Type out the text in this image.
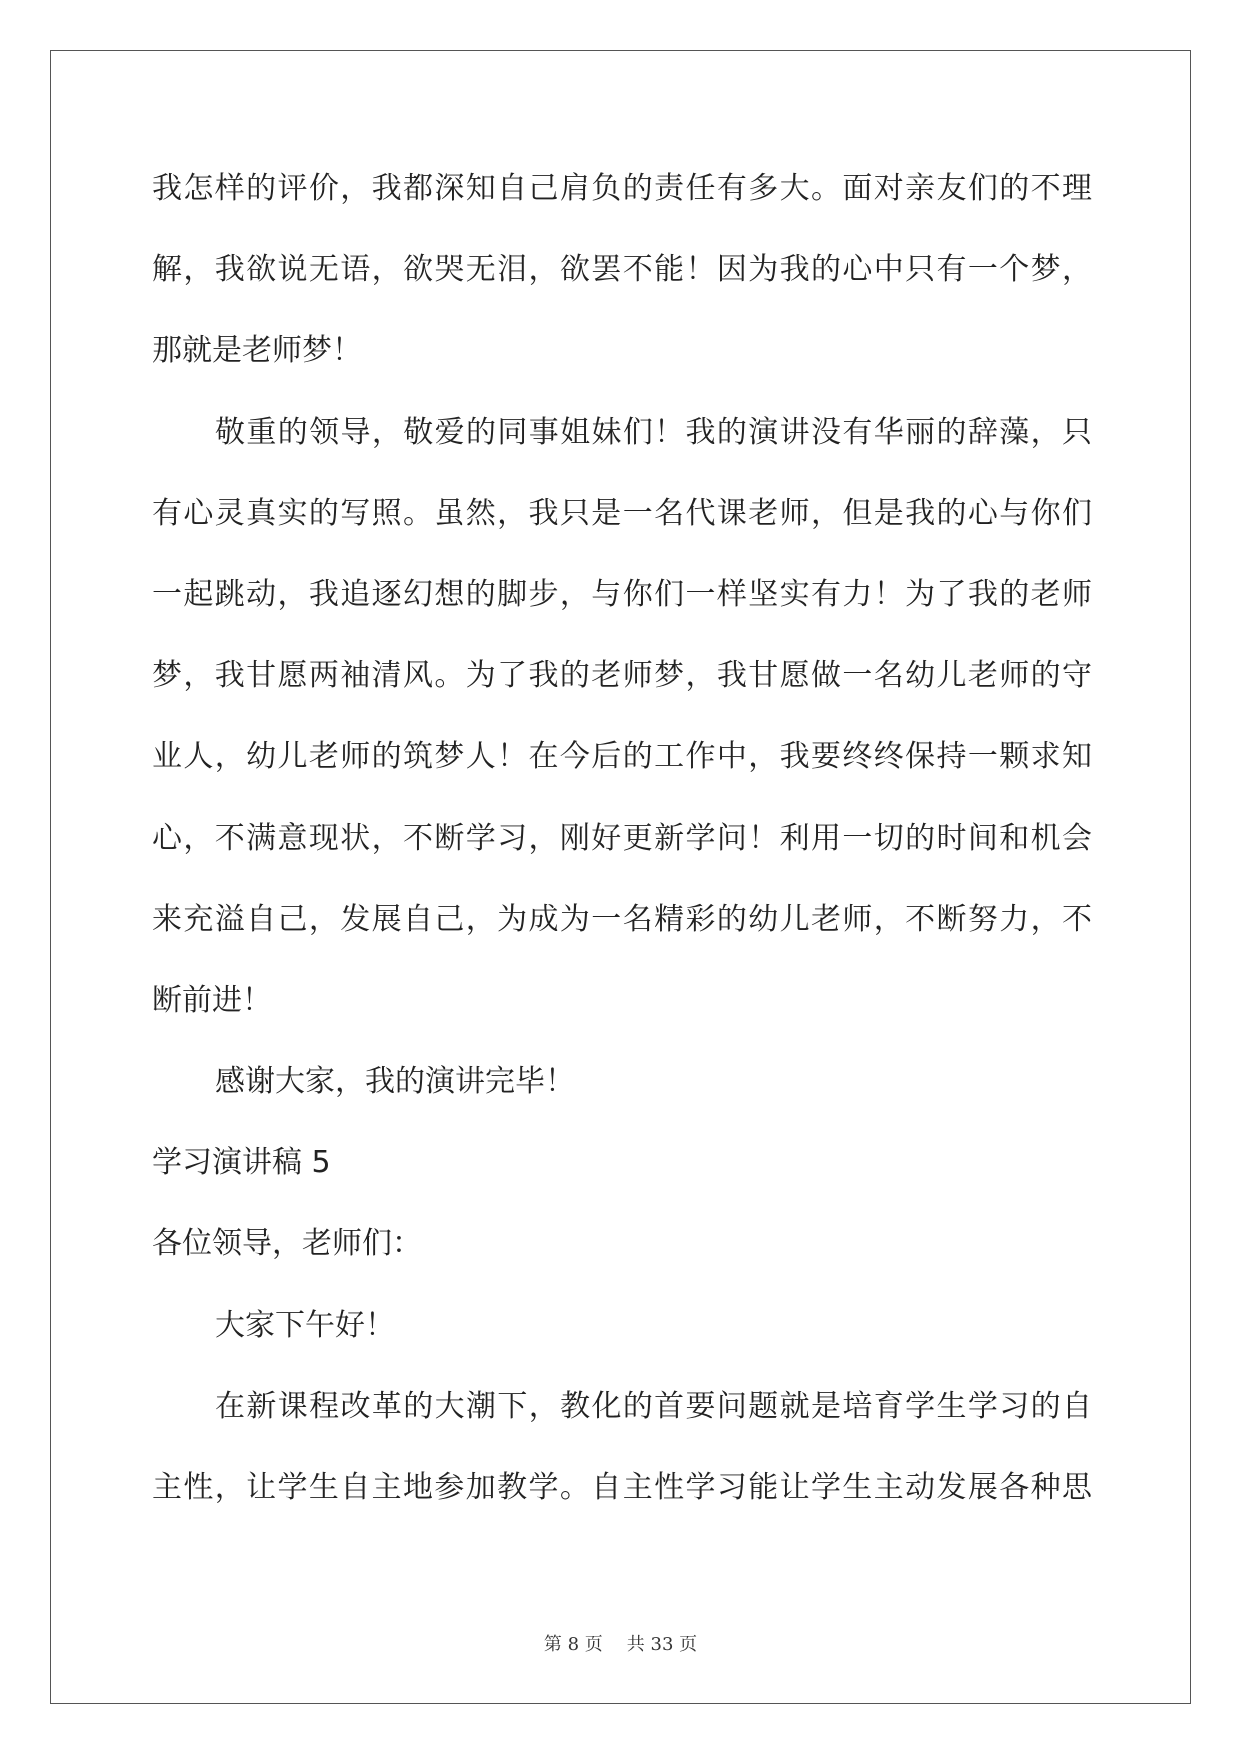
我怎样的评价，我都深知自己肩负的责任有多大。面对亲友们的不理
解，我欲说无语，欲哭无泪，欲罢不能！因为我的心中只有一个梦，
那就是老师梦！
敬重的领导，敬爱的同事姐妹们！我的演讲没有华丽的辞藻，只
有心灵真实的写照。虽然，我只是一名代课老师，但是我的心与你们
一起跳动，我追逐幻想的脚步，与你们一样坚实有力！为了我的老师
梦，我甘愿两袖清风。为了我的老师梦，我甘愿做一名幼儿老师的守
业人，幼儿老师的筑梦人！在今后的工作中，我要终终保持一颗求知
心，不满意现状，不断学习，刚好更新学问！利用一切的时间和机会
来充溢自己，发展自己，为成为一名精彩的幼儿老师，不断努力，不
断前进！
感谢大家，我的演讲完毕！
学习演讲稿 5
各位领导，老师们：
大家下午好！
在新课程改革的大潮下，教化的首要问题就是培育学生学习的自
主性，让学生自主地参加教学。自主性学习能让学生主动发展各种思
第 8 页 共 33 页
